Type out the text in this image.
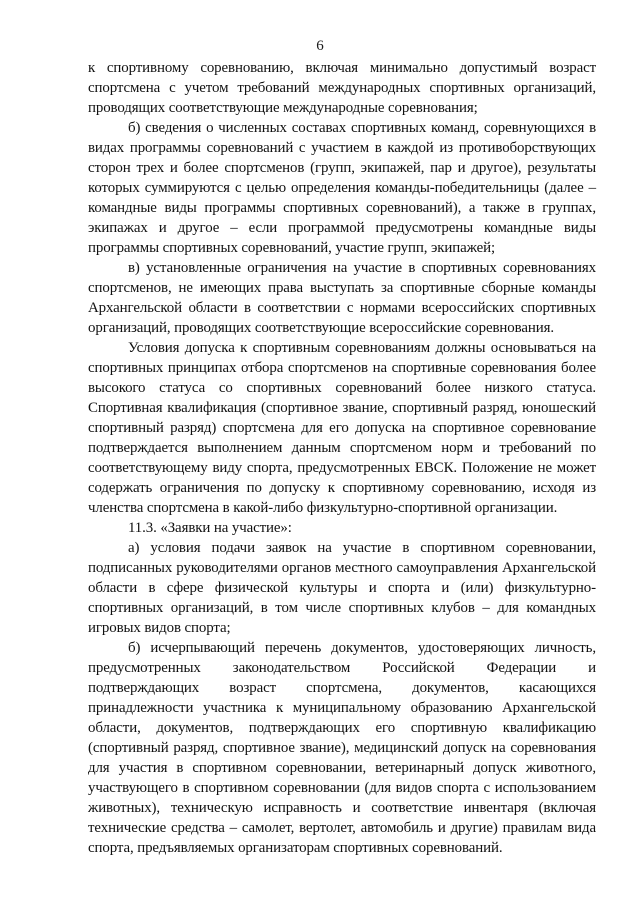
6

к спортивному соревнованию, включая минимально допустимый возраст спортсмена с учетом требований международных спортивных организаций, проводящих соответствующие международные соревнования;

б) сведения о численных составах спортивных команд, соревнующихся в видах программы соревнований с участием в каждой из противоборствующих сторон трех и более спортсменов (групп, экипажей, пар и другое), результаты которых суммируются с целью определения команды-победительницы (далее – командные виды программы спортивных соревнований), а также в группах, экипажах и другое – если программой предусмотрены командные виды программы спортивных соревнований, участие групп, экипажей;

в) установленные ограничения на участие в спортивных соревнованиях спортсменов, не имеющих права выступать за спортивные сборные команды Архангельской области в соответствии с нормами всероссийских спортивных организаций, проводящих соответствующие всероссийские соревнования.

Условия допуска к спортивным соревнованиям должны основываться на спортивных принципах отбора спортсменов на спортивные соревнования более высокого статуса со спортивных соревнований более низкого статуса. Спортивная квалификация (спортивное звание, спортивный разряд, юношеский спортивный разряд) спортсмена для его допуска на спортивное соревнование подтверждается выполнением данным спортсменом норм и требований по соответствующему виду спорта, предусмотренных ЕВСК. Положение не может содержать ограничения по допуску к спортивному соревнованию, исходя из членства спортсмена в какой-либо физкультурно-спортивной организации.

11.3. «Заявки на участие»:

а) условия подачи заявок на участие в спортивном соревновании, подписанных руководителями органов местного самоуправления Архангельской области в сфере физической культуры и спорта и (или) физкультурно-спортивных организаций, в том числе спортивных клубов – для командных игровых видов спорта;

б) исчерпывающий перечень документов, удостоверяющих личность, предусмотренных законодательством Российской Федерации и подтверждающих возраст спортсмена, документов, касающихся принадлежности участника к муниципальному образованию Архангельской области, документов, подтверждающих его спортивную квалификацию (спортивный разряд, спортивное звание), медицинский допуск на соревнования для участия в спортивном соревновании, ветеринарный допуск животного, участвующего в спортивном соревновании (для видов спорта с использованием животных), техническую исправность и соответствие инвентаря (включая технические средства – самолет, вертолет, автомобиль и другие) правилам вида спорта, предъявляемых организаторам спортивных соревнований.
